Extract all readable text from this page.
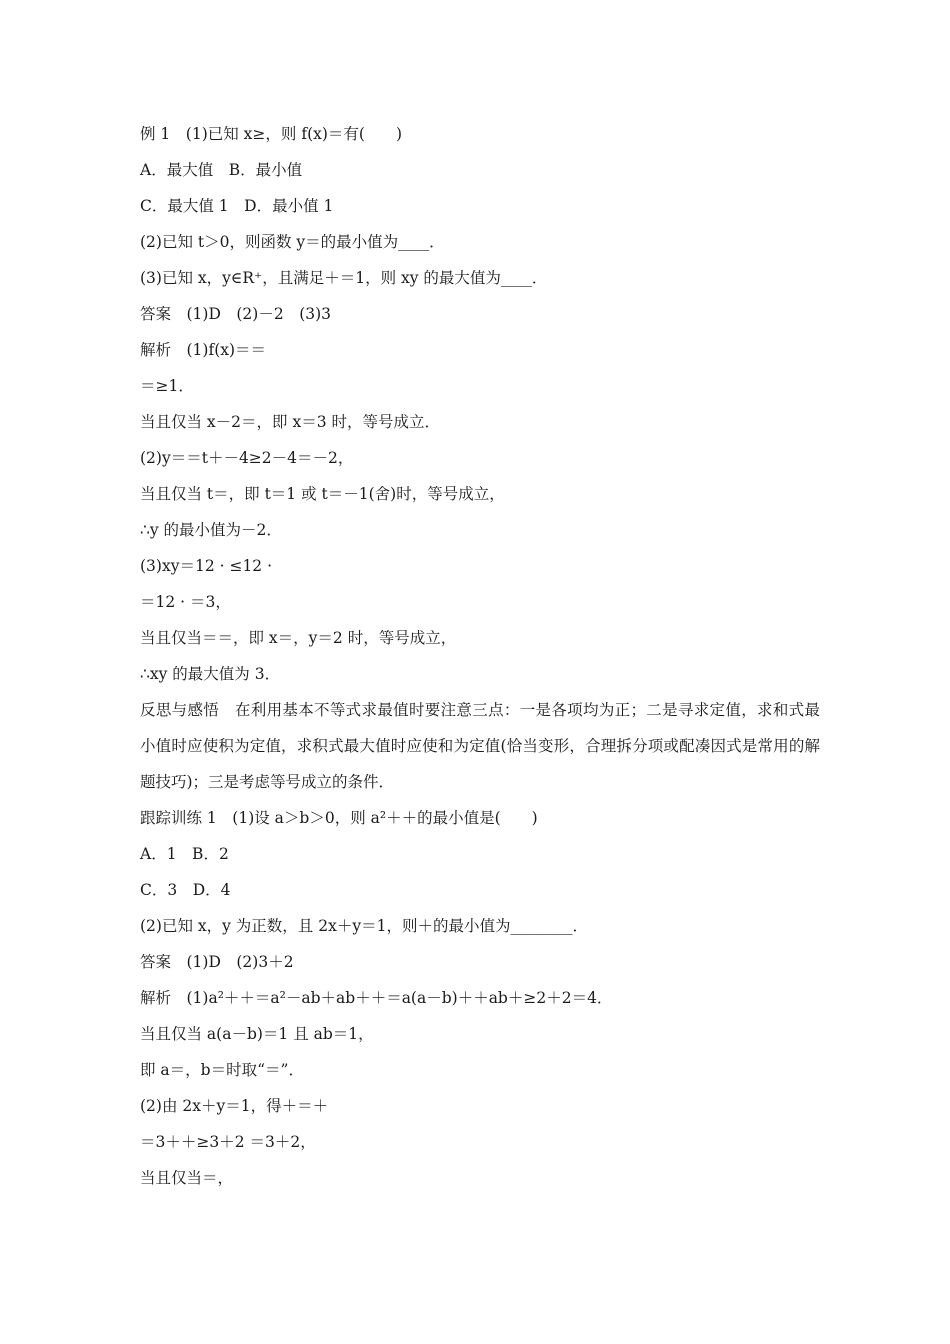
例 1　(1)已知 x≥，则 f(x)＝有(　　)
A．最大值　B．最小值
C．最大值 1　D．最小值 1
(2)已知 t＞0，则函数 y＝的最小值为____．
(3)已知 x，y∈R⁺，且满足＋＝1，则 xy 的最大值为____．
答案　(1)D　(2)－2　(3)3
解析　(1)f(x)＝＝
＝≥1．
当且仅当 x－2＝，即 x＝3 时，等号成立．
(2)y＝＝t＋－4≥2－4＝－2，
当且仅当 t＝，即 t＝1 或 t＝－1(舍)时，等号成立，
∴y 的最小值为－2．
(3)xy＝12 · ≤12 ·
＝12 · ＝3，
当且仅当＝＝，即 x＝，y＝2 时，等号成立，
∴xy 的最大值为 3．
反思与感悟　在利用基本不等式求最值时要注意三点：一是各项均为正；二是寻求定值，求和式最小值时应使积为定值，求积式最大值时应使和为定值(恰当变形，合理拆分项或配凑因式是常用的解题技巧)；三是考虑等号成立的条件．
跟踪训练 1　(1)设 a＞b＞0，则 a²＋＋的最小值是(　　)
A．1　B．2
C．3　D．4
(2)已知 x，y 为正数，且 2x＋y＝1，则＋的最小值为________．
答案　(1)D　(2)3＋2
解析　(1)a²＋＋＝a²－ab＋ab＋＋＝a(a－b)＋＋ab＋≥2＋2＝4．
当且仅当 a(a－b)＝1 且 ab＝1，
即 a＝，b＝时取“＝”．
(2)由 2x＋y＝1，得＋＝＋
＝3＋＋≥3＋2 ＝3＋2，
当且仅当＝，
